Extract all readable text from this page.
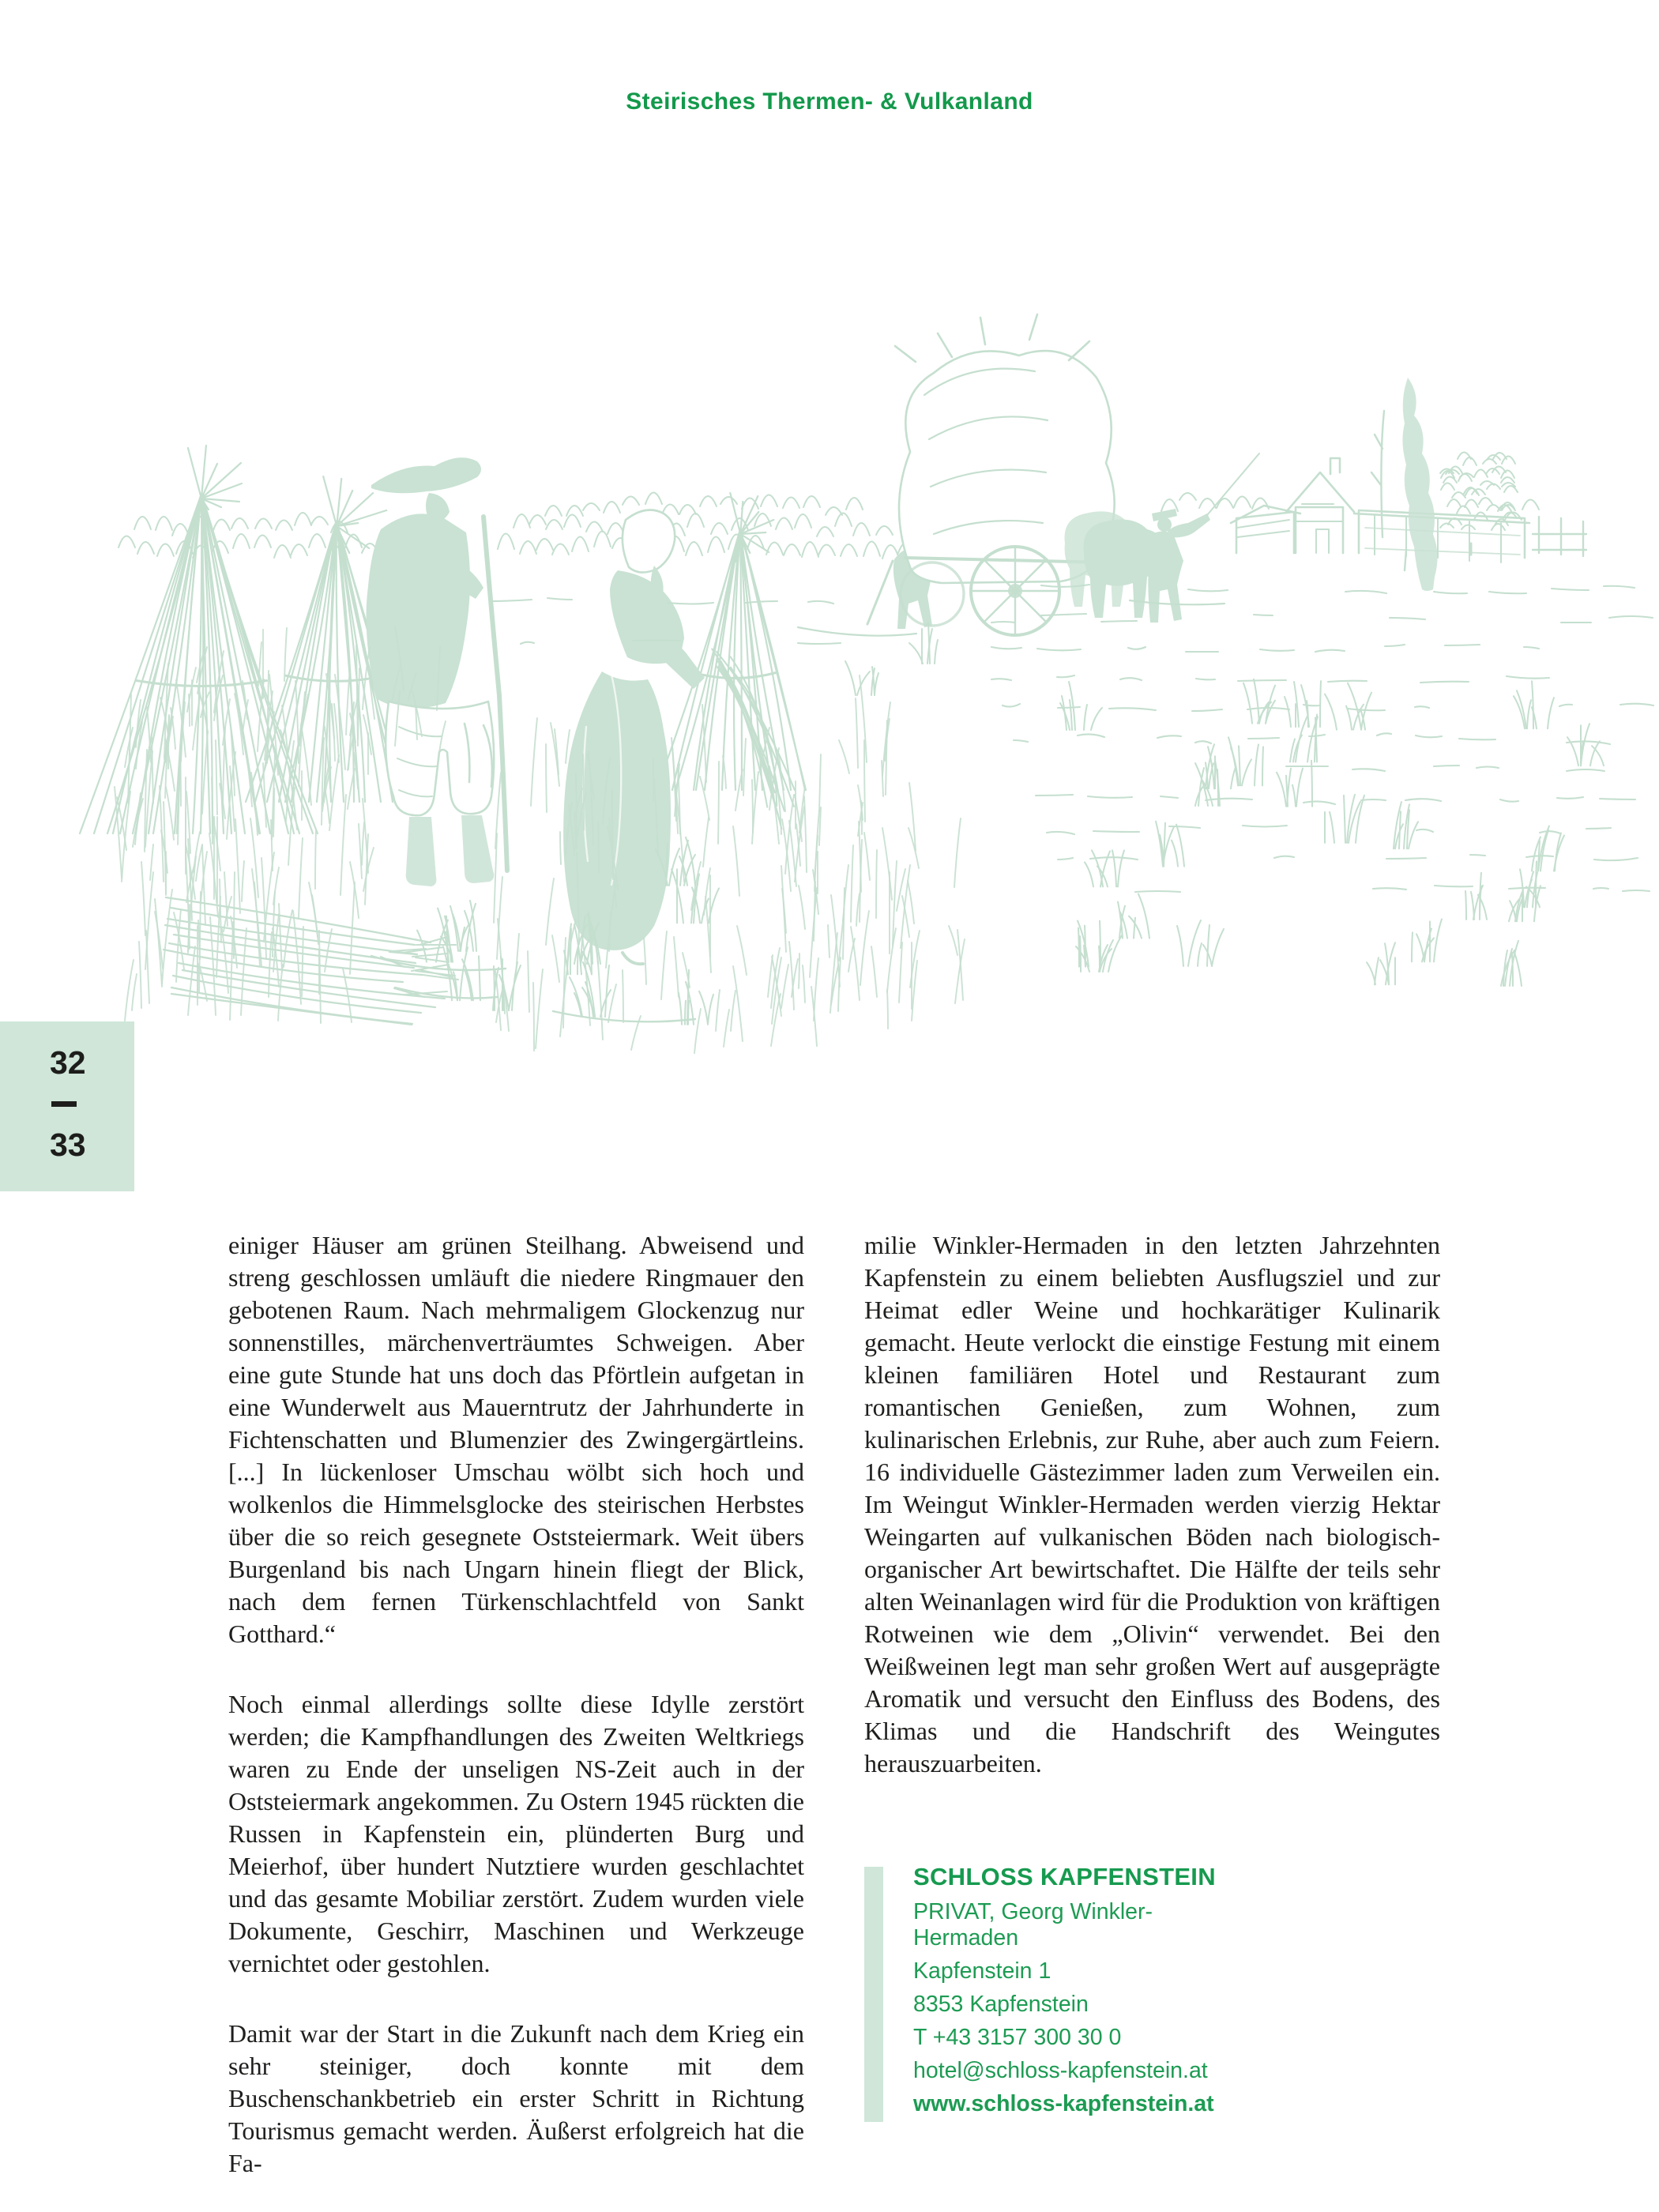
Steirisches Thermen- & Vulkanland
32
33

einiger Häuser am grünen Steilhang. Abweisend und streng geschlossen umläuft die niedere Ringmauer den gebotenen Raum. Nach mehrmaligem Glockenzug nur sonnenstilles, märchenverträumtes Schweigen. Aber eine gute Stunde hat uns doch das Pförtlein aufgetan in eine Wunderwelt aus Mauerntrutz der Jahrhunderte in Fichtenschatten und Blumenzier des Zwingergärtleins. [...] In lückenloser Umschau wölbt sich hoch und wolkenlos die Himmelsglocke des steirischen Herbstes über die so reich gesegnete Oststeiermark. Weit übers Burgenland bis nach Ungarn hinein fliegt der Blick, nach dem fernen Türkenschlachtfeld von Sankt Gotthard.“

Noch einmal allerdings sollte diese Idylle zerstört werden; die Kampfhandlungen des Zweiten Weltkriegs waren zu Ende der unseligen NS-Zeit auch in der Oststeiermark angekommen. Zu Ostern 1945 rückten die Russen in Kapfenstein ein, plünderten Burg und Meierhof, über hundert Nutztiere wurden geschlachtet und das gesamte Mobiliar zerstört. Zudem wurden viele Dokumente, Geschirr, Maschinen und Werkzeuge vernichtet oder gestohlen.

Damit war der Start in die Zukunft nach dem Krieg ein sehr steiniger, doch konnte mit dem Buschenschankbetrieb ein erster Schritt in Richtung Tourismus gemacht werden. Äußerst erfolgreich hat die Fa-

milie Winkler-Hermaden in den letzten Jahrzehnten Kapfenstein zu einem beliebten Ausflugsziel und zur Heimat edler Weine und hochkarätiger Kulinarik gemacht. Heute verlockt die einstige Festung mit einem kleinen familiären Hotel und Restaurant zum romantischen Genießen, zum Wohnen, zum kulinarischen Erlebnis, zur Ruhe, aber auch zum Feiern. 16 individuelle Gästezimmer laden zum Verweilen ein. Im Weingut Winkler-Hermaden werden vierzig Hektar Weingarten auf vulkanischen Böden nach biologisch-organischer Art bewirtschaftet. Die Hälfte der teils sehr alten Weinanlagen wird für die Produktion von kräftigen Rotweinen wie dem „Olivin“ verwendet. Bei den Weißweinen legt man sehr großen Wert auf ausgeprägte Aromatik und versucht den Einfluss des Bodens, des Klimas und die Handschrift des Weingutes herauszuarbeiten.

SCHLOSS KAPFENSTEIN
PRIVAT, Georg Winkler-
Hermaden
Kapfenstein 1
8353 Kapfenstein
T +43 3157 300 30 0
hotel@schloss-kapfenstein.at
www.schloss-kapfenstein.at
